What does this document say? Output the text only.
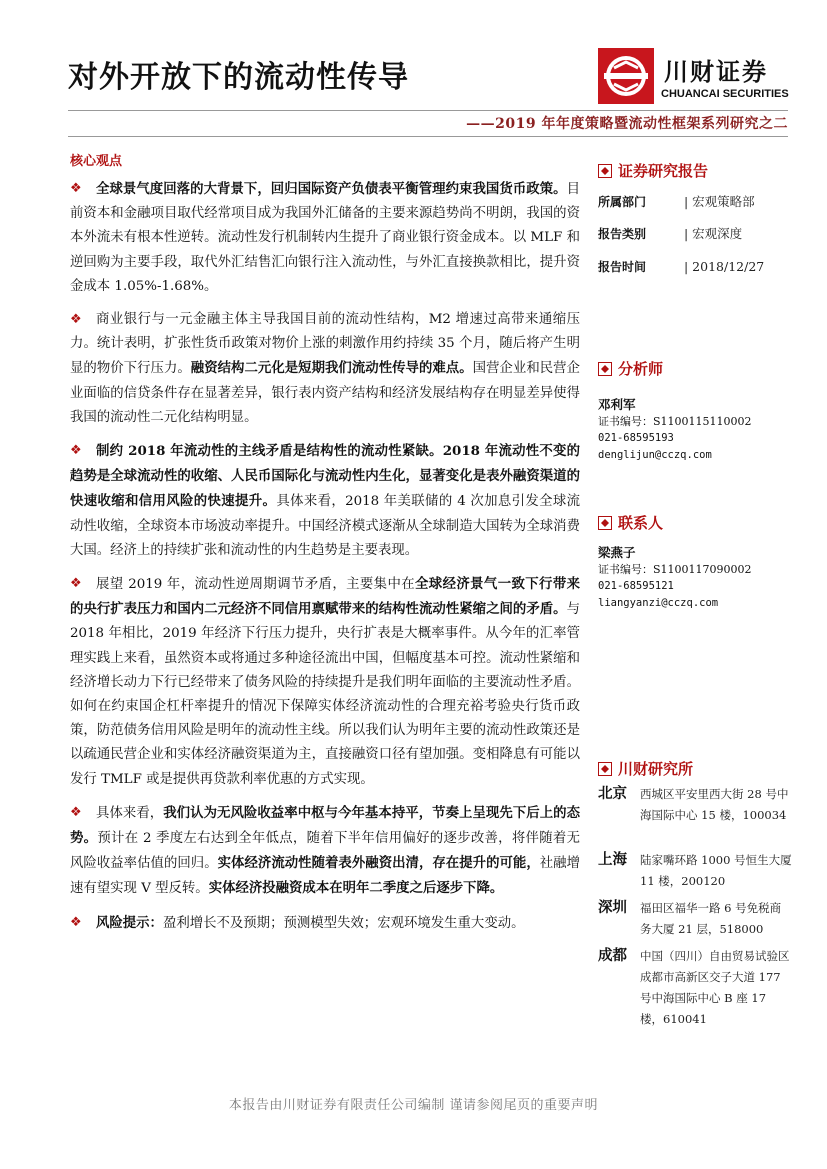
对外开放下的流动性传导	川财证券
CHUANCAI SECURITIES
——2019 年年度策略暨流动性框架系列研究之二
核心观点

❖ 全球景气度回落的大背景下，回归国际资产负债表平衡管理约束我国货币政策。目前资本和金融项目取代经常项目成为我国外汇储备的主要来源趋势尚不明朗，我国的资本外流未有根本性逆转。流动性发行机制转内生提升了商业银行资金成本。以 MLF 和逆回购为主要手段，取代外汇结售汇向银行注入流动性，与外汇直接换款相比，提升资金成本 1.05%-1.68%。

❖ 商业银行与一元金融主体主导我国目前的流动性结构，M2 增速过高带来通缩压力。统计表明，扩张性货币政策对物价上涨的刺激作用约持续 35 个月，随后将产生明显的物价下行压力。融资结构二元化是短期我们流动性传导的难点。国营企业和民营企业面临的信贷条件存在显著差异，银行表内资产结构和经济发展结构存在明显差异使得我国的流动性二元化结构明显。

❖ 制约 2018 年流动性的主线矛盾是结构性的流动性紧缺。2018 年流动性不变的趋势是全球流动性的收缩、人民币国际化与流动性内生化，显著变化是表外融资渠道的快速收缩和信用风险的快速提升。具体来看，2018 年美联储的 4 次加息引发全球流动性收缩，全球资本市场波动率提升。中国经济模式逐渐从全球制造大国转为全球消费大国。经济上的持续扩张和流动性的内生趋势是主要表现。

❖ 展望 2019 年，流动性逆周期调节矛盾，主要集中在全球经济景气一致下行带来的央行扩表压力和国内二元经济不同信用禀赋带来的结构性流动性紧缩之间的矛盾。与 2018 年相比，2019 年经济下行压力提升，央行扩表是大概率事件。从今年的汇率管理实践上来看，虽然资本或将通过多种途径流出中国，但幅度基本可控。流动性紧缩和经济增长动力下行已经带来了债务风险的持续提升是我们明年面临的主要流动性矛盾。如何在约束国企杠杆率提升的情况下保障实体经济流动性的合理充裕考验央行货币政策，防范债务信用风险是明年的流动性主线。所以我们认为明年主要的流动性政策还是以疏通民营企业和实体经济融资渠道为主，直接融资口径有望加强。变相降息有可能以发行 TMLF 或是提供再贷款利率优惠的方式实现。

❖ 具体来看，我们认为无风险收益率中枢与今年基本持平，节奏上呈现先下后上的态势。预计在 2 季度左右达到全年低点，随着下半年信用偏好的逐步改善，将伴随着无风险收益率估值的回归。实体经济流动性随着表外融资出清，存在提升的可能，社融增速有望实现 V 型反转。实体经济投融资成本在明年二季度之后逐步下降。

❖ 风险提示：盈利增长不及预期；预测模型失效；宏观环境发生重大变动。

证券研究报告
所属部门	| 宏观策略部
报告类别	| 宏观深度
报告时间	| 2018/12/27
分析师
邓利军
证书编号：S1100115110002
021-68595193
denglijun@cczq.com
联系人
梁燕子
证书编号：S1100117090002
021-68595121
liangyanzi@cczq.com
川财研究所
北京 西城区平安里西大街 28 号中海国际中心 15 楼，100034
上海 陆家嘴环路 1000 号恒生大厦 11 楼，200120
深圳 福田区福华一路 6 号免税商务大厦 21 层，518000
成都 中国（四川）自由贸易试验区成都市高新区交子大道 177 号中海国际中心 B 座 17 楼，610041
本报告由川财证券有限责任公司编制 谨请参阅尾页的重要声明
